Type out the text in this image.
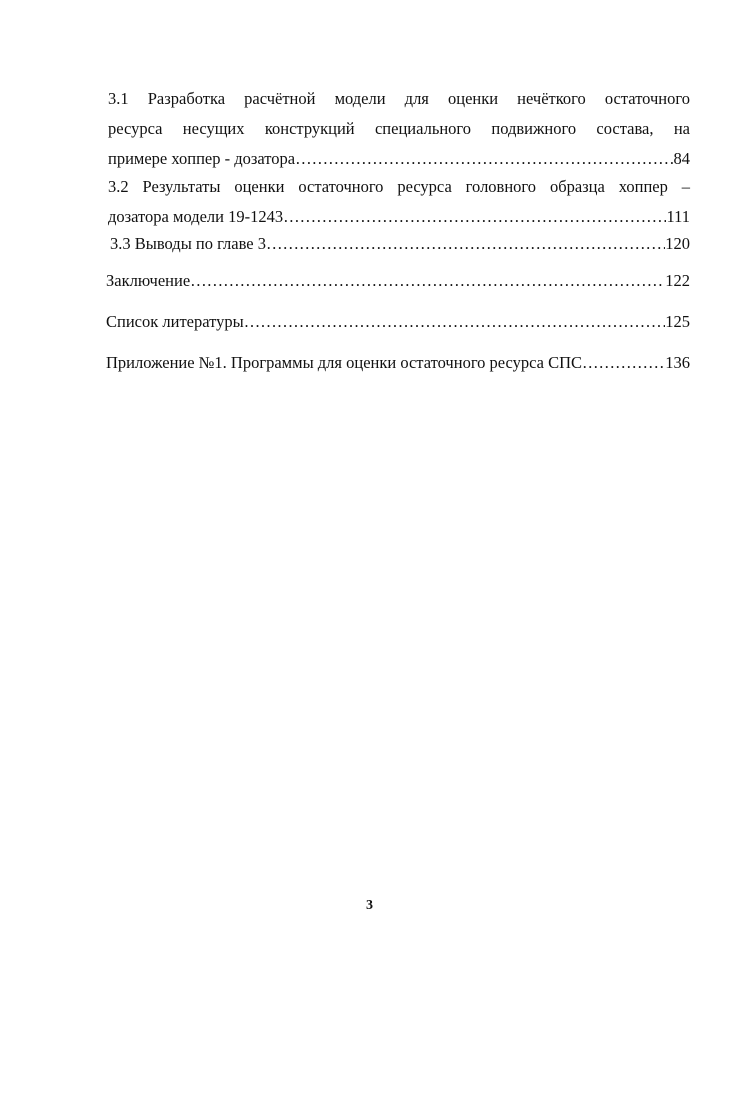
3.1 Разработка расчётной модели для оценки нечёткого остаточного
ресурса несущих конструкций специального подвижного состава, на
примере хоппер - дозатора ……………………………………………………………………………………………………………………………………	84
3.2 Результаты оценки остаточного ресурса головного образца хоппер –
дозатора модели 19-1243 ……………………………………………………………………………………………………………………………………	111
3.3 Выводы по главе 3 ……………………………………………………………………………………………………………………………………	120
Заключение ……………………………………………………………………………………………………………………………………	122
Список литературы ……………………………………………………………………………………………………………………………………	125
Приложение №1. Программы для оценки остаточного ресурса СПС ……………………………………………………………………………………………………………………………………	136
3
